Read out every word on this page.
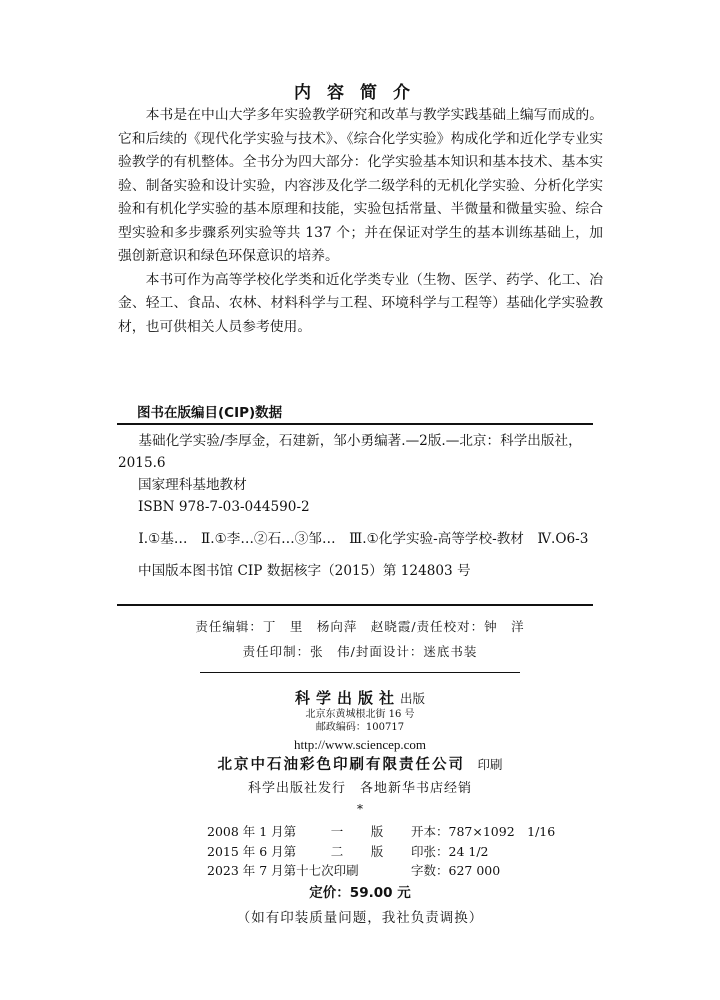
内容简介

本书是在中山大学多年实验教学研究和改革与教学实践基础上编写而成的。它和后续的《现代化学实验与技术》、《综合化学实验》构成化学和近化学专业实验教学的有机整体。全书分为四大部分：化学实验基本知识和基本技术、基本实验、制备实验和设计实验，内容涉及化学二级学科的无机化学实验、分析化学实验和有机化学实验的基本原理和技能，实验包括常量、半微量和微量实验、综合型实验和多步骤系列实验等共 137 个；并在保证对学生的基本训练基础上，加强创新意识和绿色环保意识的培养。

本书可作为高等学校化学类和近化学类专业（生物、医学、药学、化工、冶金、轻工、食品、农林、材料科学与工程、环境科学与工程等）基础化学实验教材，也可供相关人员参考使用。

图书在版编目(CIP)数据

基础化学实验/李厚金，石建新，邹小勇编著.—2版.—北京：科学出版社，2015.6

国家理科基地教材

ISBN 978-7-03-044590-2

Ⅰ.①基…　Ⅱ.①李…②石…③邹…　Ⅲ.①化学实验-高等学校-教材　Ⅳ.O6-3

中国版本图书馆 CIP 数据核字（2015）第 124803 号

责任编辑：丁　里　杨向萍　赵晓霞/责任校对：钟　洋
责任印制：张　伟/封面设计：迷底书装
科学出版社出版
北京东黄城根北街 16 号
邮政编码：100717
http://www.sciencep.com
北京中石油彩色印刷有限责任公司  印刷
科学出版社发行　各地新华书店经销
*
2008 年 1 月第	一	版	开本：787×1092　1/16
2015 年 6 月第	二	版	印张：24 1/2
2023 年 7 月第十七次印刷	字数：627 000
定价：59.00 元
（如有印装质量问题，我社负责调换）
